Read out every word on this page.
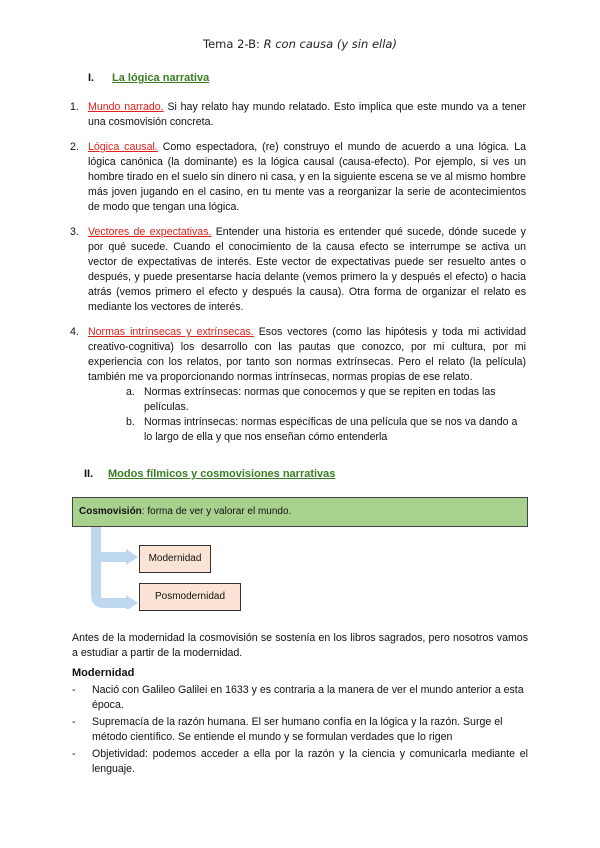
Tema 2-B: R con causa (y sin ella)
I. La lógica narrativa
1. Mundo narrado. Si hay relato hay mundo relatado. Esto implica que este mundo va a tener una cosmovisión concreta.
2. Lógica causal. Como espectadora, (re) construyo el mundo de acuerdo a una lógica. La lógica canónica (la dominante) es la lógica causal (causa-efecto). Por ejemplo, si ves un hombre tirado en el suelo sin dinero ni casa, y en la siguiente escena se ve al mismo hombre más joven jugando en el casino, en tu mente vas a reorganizar la serie de acontecimientos de modo que tengan una lógica.
3. Vectores de expectativas. Entender una historia es entender qué sucede, dónde sucede y por qué sucede. Cuando el conocimiento de la causa efecto se interrumpe se activa un vector de expectativas de interés. Este vector de expectativas puede ser resuelto antes o después, y puede presentarse hacia delante (vemos primero la y después el efecto) o hacia atrás (vemos primero el efecto y después la causa). Otra forma de organizar el relato es mediante los vectores de interés.
4. Normas intrínsecas y extrínsecas. Esos vectores (como las hipótesis y toda mi actividad creativo-cognitiva) los desarrollo con las pautas que conozco, por mi cultura, por mi experiencia con los relatos, por tanto son normas extrínsecas. Pero el relato (la película) también me va proporcionando normas intrínsecas, normas propias de ese relato.
a. Normas extrínsecas: normas que conocemos y que se repiten en todas las películas.
b. Normas intrínsecas: normas específicas de una película que se nos va dando a lo largo de ella y que nos enseñan cómo entenderla
II. Modos fílmicos y cosmovisiones narrativas
Cosmovisión: forma de ver y valorar el mundo.
Modernidad
Posmodernidad
Antes de la modernidad la cosmovisión se sostenía en los libros sagrados, pero nosotros vamos a estudiar a partir de la modernidad.
Modernidad
- Nació con Galileo Galilei en 1633 y es contraria a la manera de ver el mundo anterior a esta época.
- Supremacía de la razón humana. El ser humano confía en la lógica y la razón. Surge el método científico. Se entiende el mundo y se formulan verdades que lo rigen
- Objetividad: podemos acceder a ella por la razón y la ciencia y comunicarla mediante el lenguaje.
